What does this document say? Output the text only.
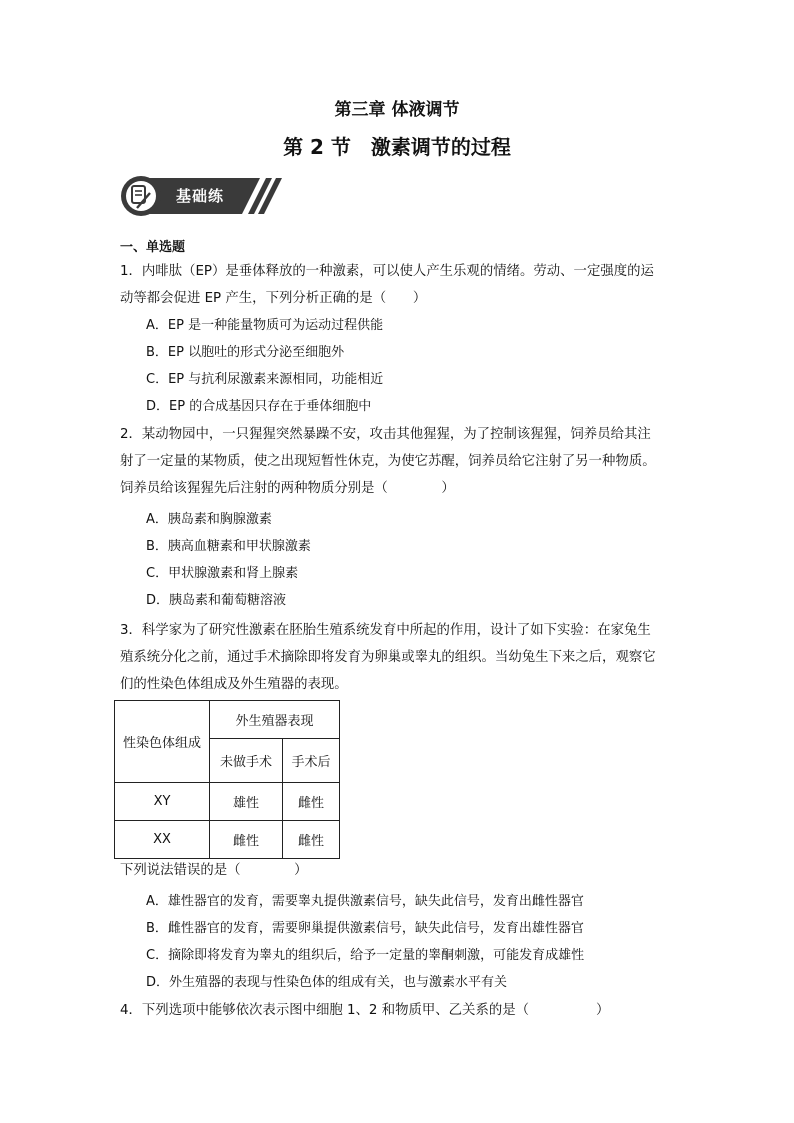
第三章 体液调节
第 2 节　激素调节的过程
基础练
一、单选题

1．内啡肽（EP）是垂体释放的一种激素，可以使人产生乐观的情绪。劳动、一定强度的运

动等都会促进 EP 产生，下列分析正确的是（　　）

A．EP 是一种能量物质可为运动过程供能
B．EP 以胞吐的形式分泌至细胞外
C．EP 与抗利尿激素来源相同，功能相近
D．EP 的合成基因只存在于垂体细胞中

2．某动物园中，一只猩猩突然暴躁不安，攻击其他猩猩，为了控制该猩猩，饲养员给其注

射了一定量的某物质，使之出现短暂性休克，为使它苏醒，饲养员给它注射了另一种物质。

饲养员给该猩猩先后注射的两种物质分别是（　　　　）

A．胰岛素和胸腺激素
B．胰高血糖素和甲状腺激素
C．甲状腺激素和肾上腺素
D．胰岛素和葡萄糖溶液

3．科学家为了研究性激素在胚胎生殖系统发育中所起的作用，设计了如下实验：在家兔生

殖系统分化之前，通过手术摘除即将发育为卵巢或睾丸的组织。当幼兔生下来之后，观察它

们的性染色体组成及外生殖器的表现。

性染色体组成	外生殖器表现	
	未做手术	手术后
XY	雄性	雌性
XX	雌性	雌性

下列说法错误的是（　　　　）

A．雄性器官的发育，需要睾丸提供激素信号，缺失此信号，发育出雌性器官
B．雌性器官的发育，需要卵巢提供激素信号，缺失此信号，发育出雄性器官
C．摘除即将发育为睾丸的组织后，给予一定量的睾酮刺激，可能发育成雄性
D．外生殖器的表现与性染色体的组成有关，也与激素水平有关

4．下列选项中能够依次表示图中细胞 1、2 和物质甲、乙关系的是（　　　　　）
